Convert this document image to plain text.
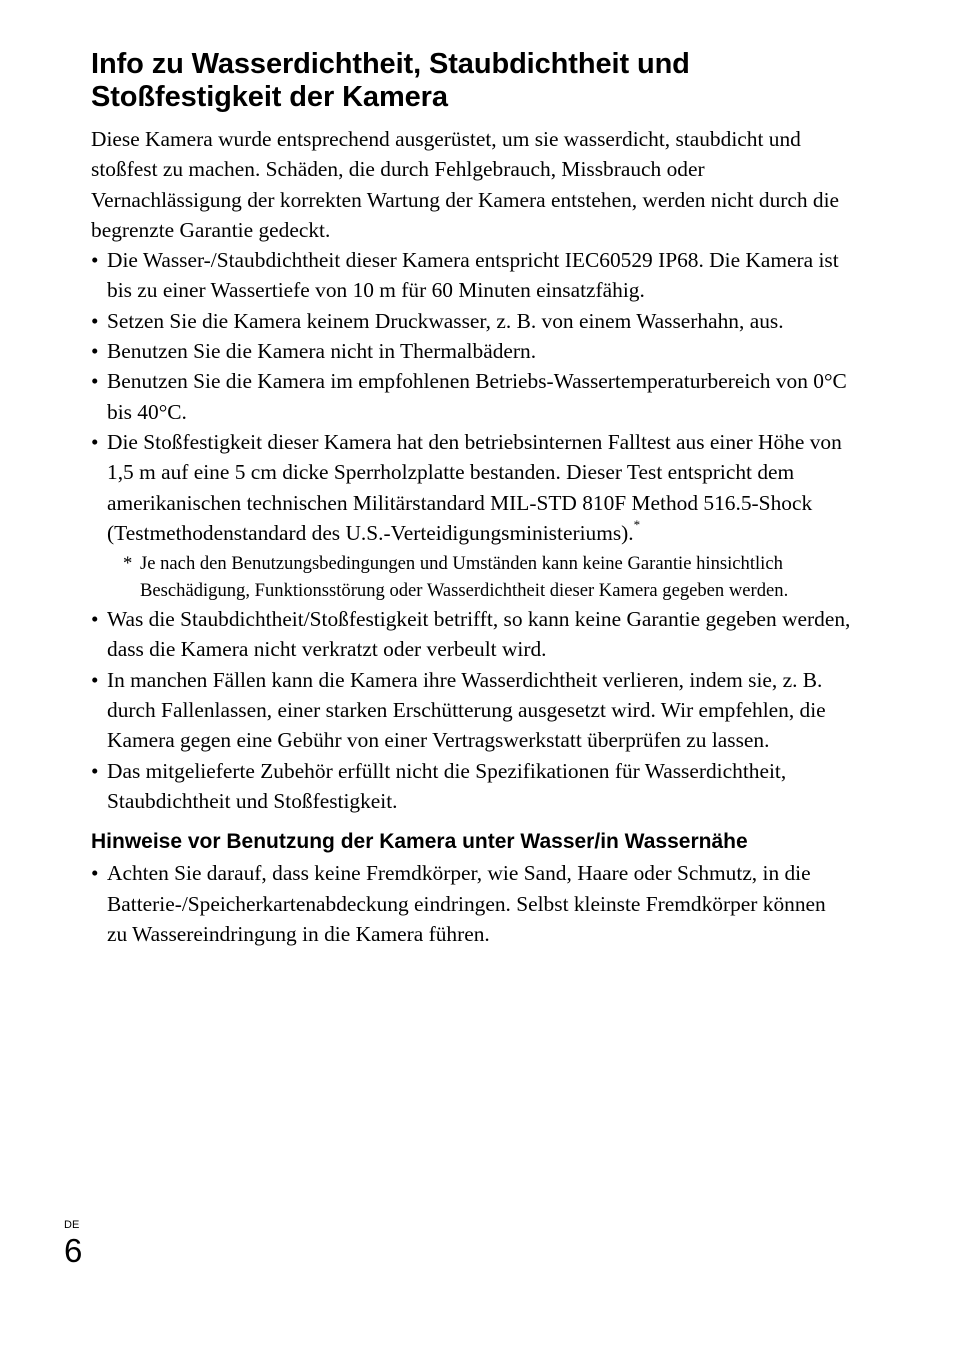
Info zu Wasserdichtheit, Staubdichtheit und Stoßfestigkeit der Kamera

Diese Kamera wurde entsprechend ausgerüstet, um sie wasserdicht, staubdicht und stoßfest zu machen. Schäden, die durch Fehlgebrauch, Missbrauch oder Vernachlässigung der korrekten Wartung der Kamera entstehen, werden nicht durch die begrenzte Garantie gedeckt.

• Die Wasser-/Staubdichtheit dieser Kamera entspricht IEC60529 IP68. Die Kamera ist bis zu einer Wassertiefe von 10 m für 60 Minuten einsatzfähig.
• Setzen Sie die Kamera keinem Druckwasser, z. B. von einem Wasserhahn, aus.
• Benutzen Sie die Kamera nicht in Thermalbädern.
• Benutzen Sie die Kamera im empfohlenen Betriebs-Wassertemperaturbereich von 0°C bis 40°C.
• Die Stoßfestigkeit dieser Kamera hat den betriebsinternen Falltest aus einer Höhe von 1,5 m auf eine 5 cm dicke Sperrholzplatte bestanden. Dieser Test entspricht dem amerikanischen technischen Militärstandard MIL-STD 810F Method 516.5-Shock (Testmethodenstandard des U.S.-Verteidigungsministeriums).*
* Je nach den Benutzungsbedingungen und Umständen kann keine Garantie hinsichtlich Beschädigung, Funktionsstörung oder Wasserdichtheit dieser Kamera gegeben werden.
• Was die Staubdichtheit/Stoßfestigkeit betrifft, so kann keine Garantie gegeben werden, dass die Kamera nicht verkratzt oder verbeult wird.
• In manchen Fällen kann die Kamera ihre Wasserdichtheit verlieren, indem sie, z. B. durch Fallenlassen, einer starken Erschütterung ausgesetzt wird. Wir empfehlen, die Kamera gegen eine Gebühr von einer Vertragswerkstatt überprüfen zu lassen.
• Das mitgelieferte Zubehör erfüllt nicht die Spezifikationen für Wasserdichtheit, Staubdichtheit und Stoßfestigkeit.
Hinweise vor Benutzung der Kamera unter Wasser/in Wassernähe
• Achten Sie darauf, dass keine Fremdkörper, wie Sand, Haare oder Schmutz, in die Batterie-/Speicherkartenabdeckung eindringen. Selbst kleinste Fremdkörper können zu Wassereindringung in die Kamera führen.
DE
6
